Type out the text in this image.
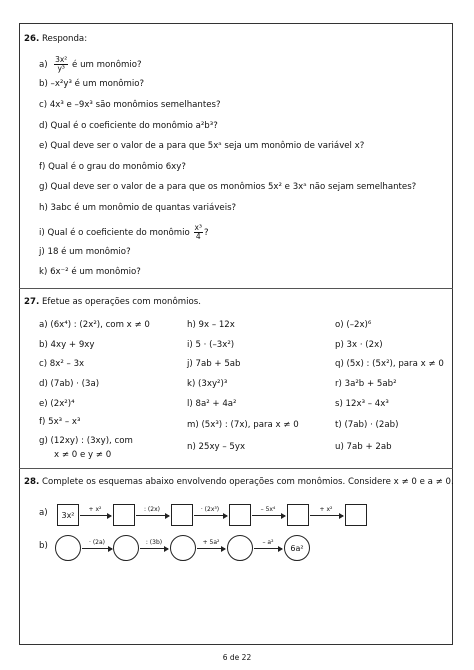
26. Responda:
$a) \frac{\text{3x²}}{\text{y³}}$ é um monômio?
b) –x²y³ é um monômio?
c) 4x³ e –9x³ são monômios semelhantes?
d) Qual é o coeficiente do monômio a²b³?
e) Qual deve ser o valor de a para que 5xᵃ seja um monômio de variável x?
f) Qual é o grau do monômio 6xy?
g) Qual deve ser o valor de a para que os monômios 5x² e 3xᵃ não sejam semelhantes?
h) 3abc é um monômio de quantas variáveis?
i) Qual é o coeficiente do monômio $\frac{\text{x³}}{4}$ ?
j) 18 é um monômio?
k) 6x⁻² é um monômio?
27. Efetue as operações com monômios.
a) (6x⁴) : (2x²), com x ≠ 0
b) 4xy + 9xy
c) 8x² – 3x
d) (7ab) · (3a)
e) (2x²)⁴
f) 5x³ – x³
g) (12xy) : (3xy), com
x ≠ 0 e y ≠ 0
h) 9x – 12x
i) 5 · (–3x²)
j) 7ab + 5ab
k) (3xy²)³
l) 8a² + 4a²
m) (5x³) : (7x), para x ≠ 0
n) 25xy – 5yx
o) (–2x)⁶
p) 3x · (2x)
q) (5x) : (5x²), para x ≠ 0
r) 3a²b + 5ab²
s) 12x³ – 4x³
t) (7ab) · (2ab)
u) 7ab + 2ab
28. Complete os esquemas abaixo envolvendo operações com monômios. Considere x ≠ 0 e a ≠ 0.
a)	3x²
+ x²	: (2x)	· (2x³)	– 5x⁴	+ x²
b)	· (2a)	: (3b)	+ 5a²	– a²
6a²
6 de 22
